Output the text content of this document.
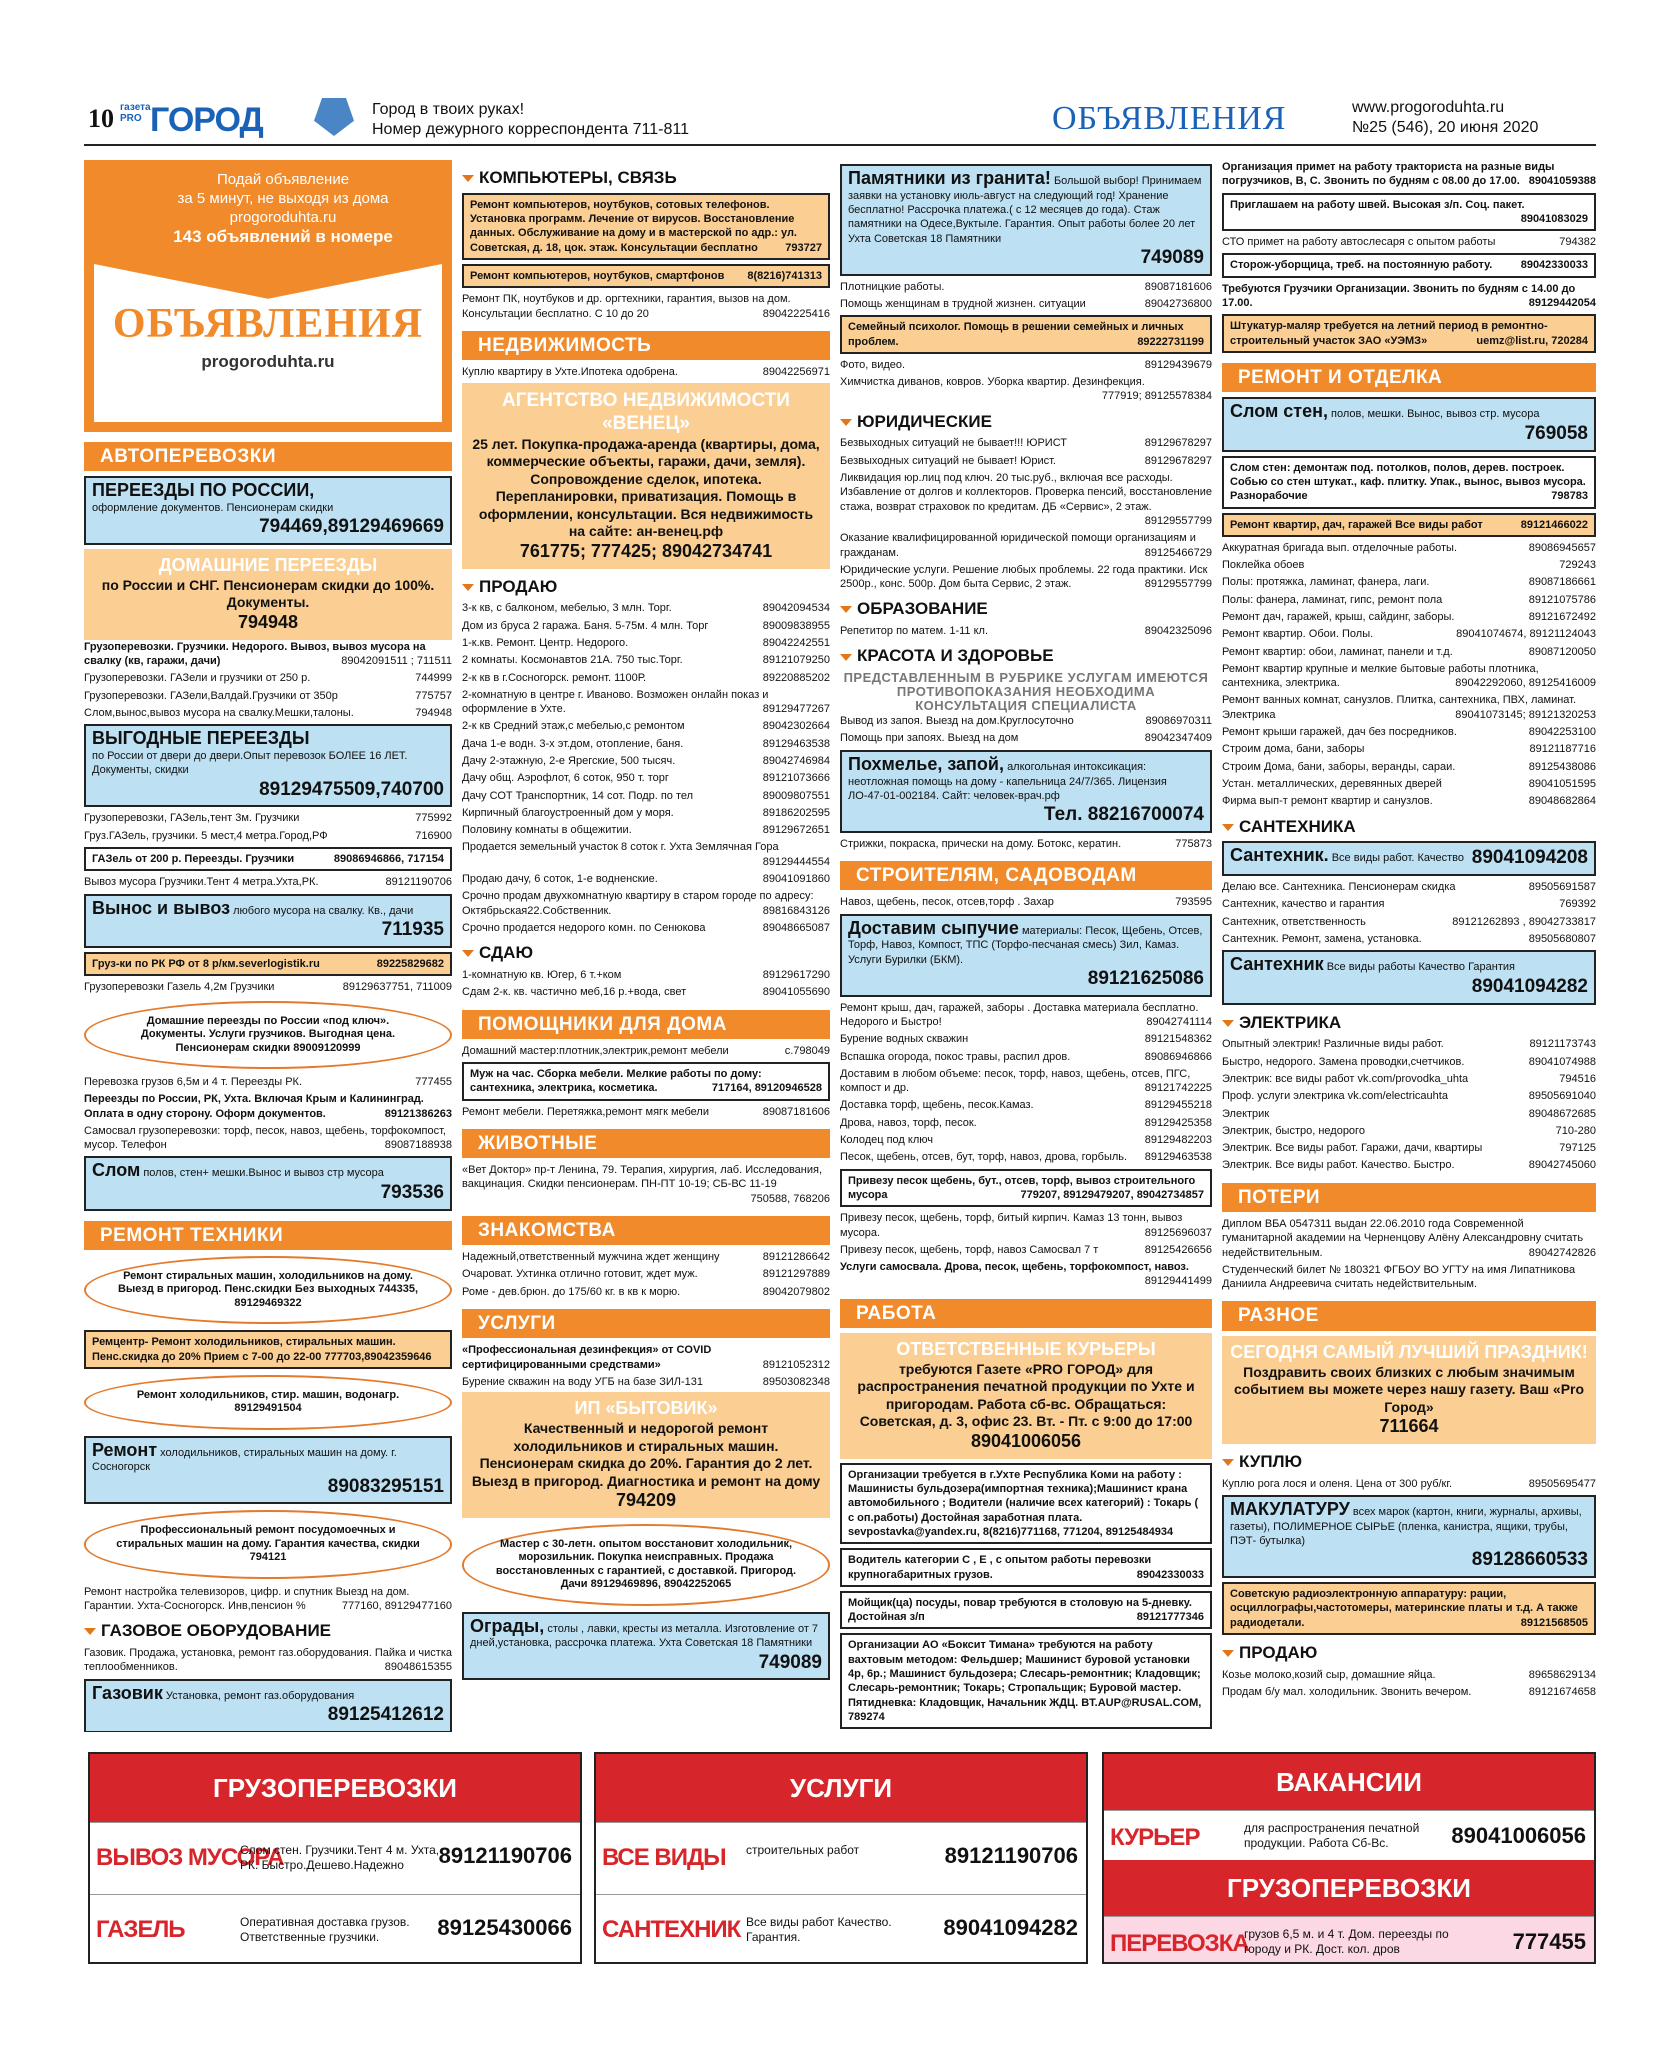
10 газета PRO ГОРОД	Город в твоих руках!
Номер дежурного корреспондента 711-811	ОБЪЯВЛЕНИЯ	www.progoroduhta.ru
№25 (546), 20 июня 2020
Подай объявление
за 5 минут, не выходя из дома
progoroduhta.ru
143 объявлений в номере
ОБЪЯВЛЕНИЯ
progoroduhta.ru
АВТОПЕРЕВОЗКИ
ПЕРЕЕЗДЫ ПО РОССИИ,
оформление документов. Пенсионерам скидки
794469,89129469669
ДОМАШНИЕ ПЕРЕЕЗДЫ
по России и СНГ. Пенсионерам скидки до 100%. Документы.
794948
Грузоперевозки. Грузчики. Недорого. Вывоз, вывоз мусора на свалку (кв, гаражи, дачи)	89042091511 ; 711511
Грузоперевозки. ГАЗели и грузчики от 250 р.	744999
Грузоперевозки. ГАЗели,Валдай.Грузчики от 350р	775757
Слом,вынос,вывоз мусора на свалку.Мешки,талоны.	794948
ВЫГОДНЫЕ ПЕРЕЕЗДЫ
по России от двери до двери.Опыт перевозок БОЛЕЕ 16 ЛЕТ. Документы, скидки
89129475509,740700
Грузоперевозки, ГАЗель,тент 3м. Грузчики	775992
Груз.ГАЗель, грузчики. 5 мест,4 метра.Город,РФ	716900
ГАЗель от 200 р. Переезды. Грузчики	89086946866, 717154
Вывоз мусора Грузчики.Тент 4 метра.Ухта,РК.	89121190706
Вынос и вывоз любого мусора на свалку. Кв., дачи
711935
Груз-ки по РК РФ от 8 р/км.severlogistik.ru	89225829682
Грузоперевозки Газель 4,2м Грузчики	89129637751, 711009
Домашние переезды по России «под ключ». Документы. Услуги грузчиков. Выгодная цена. Пенсионерам скидки 89009120999
Перевозка грузов 6,5м и 4 т. Переезды РК.	777455
Переезды по России, РК, Ухта. Включая Крым и Калининград. Оплата в одну сторону. Оформ документов.	89121386263
Самосвал грузоперевозки: торф, песок, навоз, щебень, торфокомпост, мусор. Телефон	89087188938
Слом полов, стен+ мешки.Вынос и вывоз стр мусора
793536
РЕМОНТ ТЕХНИКИ
Ремонт стиральных машин, холодильников на дому. Выезд в пригород. Пенс.скидки Без выходных 744335, 89129469322
Ремцентр- Ремонт холодильников, стиральных машин. Пенс.скидка до 20% Прием с 7-00 до 22-00 777703,89042359646
Ремонт холодильников, стир. машин, водонагр. 89129491504
Ремонт холодильников, стиральных машин на дому. г. Сосногорск
89083295151
Профессиональный ремонт посудомоечных и стиральных машин на дому. Гарантия качества, скидки 794121
Ремонт настройка телевизоров, цифр. и спутник Выезд на дом. Гарантии. Ухта-Сосногорск. Инв,пенсион %	777160, 89129477160
ГАЗОВОЕ ОБОРУДОВАНИЕ
Газовик. Продажа, установка, ремонт газ.оборудования. Пайка и чистка теплообменников.	89048615355
Газовик Установка, ремонт газ.оборудования
89125412612
КОМПЬЮТЕРЫ, СВЯЗЬ
Ремонт компьютеров, ноутбуков, сотовых телефонов. Установка программ. Лечение от вирусов. Восстановление данных. Обслуживание на дому и в мастерской по адр.: ул. Советская, д. 18, цок. этаж. Консультации бесплатно 793727
Ремонт компьютеров, ноутбуков, смартфонов 8(8216)741313
Ремонт ПК, ноутбуков и др. оргтехники, гарантия, вызов на дом. Консультации бесплатно. С 10 до 20	89042225416
НЕДВИЖИМОСТЬ
Куплю квартиру в Ухте.Ипотека одобрена.	89042256971
АГЕНТСТВО НЕДВИЖИМОСТИ «ВЕНЕЦ»
25 лет. Покупка-продажа-аренда (квартиры, дома, коммерческие объекты, гаражи, дачи, земля). Сопровождение сделок, ипотека. Перепланировки, приватизация. Помощь в оформлении, консультации. Вся недвижимость на сайте: ан-венец.рф
761775; 777425; 89042734741
ПРОДАЮ
3-к кв, с балконом, мебелью, 3 млн. Торг.	89042094534
Дом из бруса 2 гаража. Баня. 5-75м. 4 млн. Торг	89009838955
1-к.кв. Ремонт. Центр. Недорого.	89042242551
2 комнаты. Космонавтов 21А. 750 тыс.Торг.	89121079250
2-к кв в г.Сосногорск. ремонт. 1100Р.	89220885202
2-комнатную в центре г. Иваново. Возможен онлайн показ и оформление в Ухте.	89129477267
2-к кв Средний этаж,с мебелью,с ремонтом	89042302664
Дача 1-е водн. 3-х эт.дом, отопление, баня.	89129463538
Дачу 2-этажную, 2-е Ярегские, 500 тысяч.	89042746984
Дачу общ. Аэрофлот, 6 соток, 950 т. торг	89121073666
Дачу СОТ Транспортник, 14 сот. Подр. по тел	89009807551
Кирпичный благоустроенный дом у моря.	89186202595
Половину комнаты в общежитии.	89129672651
Продается земельный участок 8 соток г. Ухта Землячная Гора
89129444554
Продаю дачу, 6 соток, 1-е водненские.	89041091860
Срочно продам двухкомнатную квартиру в старом городе по адресу: Октябрьская22.Собственник.	89816843126
Срочно продается недорого комн. по Сенюкова	89048665087
СДАЮ
1-комнатную кв. Югер, 6 т.+ком	89129617290
Сдам 2-к. кв. частично меб,16 р.+вода, свет	89041055690
ПОМОЩНИКИ ДЛЯ ДОМА
Домашний мастер:плотник,электрик,ремонт мебели	с.798049
Муж на час. Сборка мебели. Мелкие работы по дому: сантехника, электрика, косметика.	717164, 89120946528
Ремонт мебели. Перетяжка,ремонт мягк мебели	89087181606
ЖИВОТНЫЕ
«Вет Доктор» пр-т Ленина, 79. Терапия, хирургия, лаб. Исследования, вакцинация. Скидки пенсионерам. ПН-ПТ 10-19; СБ-ВС 11-19
750588, 768206
ЗНАКОМСТВА
Надежный,ответственный мужчина ждет женщину	89121286642
Очароват. Ухтинка отлично готовит, ждет муж.	89121297889
Роме - дев.брюн. до 175/60 кг. в кв к морю.	89042079802
УСЛУГИ
«Профессиональная дезинфекция» от COVID сертифицированными средствами»	89121052312
Бурение скважин на воду УГБ на базе ЗИЛ-131	89503082348
ИП «БЫТОВИК»
Качественный и недорогой ремонт холодильников и стиральных машин. Пенсионерам скидка до 20%. Гарантия до 2 лет. Выезд в пригород. Диагностика и ремонт на дому
794209
Мастер с 30-летн. опытом восстановит холодильник, морозильник. Покупка неисправных. Продажа восстановленных с гарантией, с доставкой. Пригород. Дачи 89129469896, 89042252065
Ограды, столы , лавки, кресты из металла. Изготовление от 7 дней,установка, рассрочка платежа. Ухта Советская 18 Памятники
749089
Памятники из гранита! Большой выбор! Принимаем заявки на установку июль-август на следующий год! Хранение бесплатно! Рассрочка платежа.( с 12 месяцев до года). Стаж памятники на Одесе,Вуктыле. Гарантия. Опыт работы более 20 лет Ухта Советская 18 Памятники
749089
Плотницкие работы.	89087181606
Помощь женщинам в трудной жизнен. ситуации	89042736800
Семейный психолог. Помощь в решении семейных и личных проблем.	89222731199
Фото, видео.	89129439679
Химчистка диванов, ковров. Уборка квартир. Дезинфекция.
777919; 89125578384
ЮРИДИЧЕСКИЕ
Безвыходных ситуаций не бывает!!! ЮРИСТ	89129678297
Безвыходных ситуаций не бывает! Юрист.	89129678297
Ликвидация юр.лиц под ключ. 20 тыс.руб., включая все расходы. Избавление от долгов и коллекторов. Проверка пенсий, восстановление стажа, возврат страховок по кредитам. ДБ «Сервис», 2 этаж.
89129557799
Оказание квалифицированной юридической помощи организациям и гражданам.	89125466729
Юридические услуги. Решение любых проблемы. 22 года практики. Иск 2500р., конс. 500р. Дом быта Сервис, 2 этаж.	89129557799
ОБРАЗОВАНИЕ
Репетитор по матем. 1-11 кл.	89042325096
КРАСОТА И ЗДОРОВЬЕ
ПРЕДСТАВЛЕННЫМ В РУБРИКЕ УСЛУГАМ ИМЕЮТСЯ ПРОТИВОПОКАЗАНИЯ НЕОБХОДИМА КОНСУЛЬТАЦИЯ СПЕЦИАЛИСТА
Вывод из запоя. Выезд на дом.Круглосуточно	89086970311
Помощь при запоях. Выезд на дом	89042347409
Похмелье, запой, алкогольная интоксикация: неотложная помощь на дому - капельница 24/7/365. Лицензия ЛО-47-01-002184. Сайт: человек-врач.рф
Тел. 88216700074
Стрижки, покраска, прически на дому. Ботокс, кератин.	775873
СТРОИТЕЛЯМ, САДОВОДАМ
Навоз, щебень, песок, отсев,торф . Захар	793595
Доставим сыпучие материалы: Песок, Щебень, Отсев, Торф, Навоз, Компост, ТПС (Торфо-песчаная смесь) Зил, Камаз. Услуги Бурилки (БКМ).
89121625086
Ремонт крыш, дач, гаражей, заборы . Доставка материала бесплатно. Недорого и Быстро!	89042741114
Бурение водных скважин	89121548362
Вспашка огорода, покос травы, распил дров.	89086946866
Доставим в любом объеме: песок, торф, навоз, щебень, отсев, ПГС, компост и др.	89121742225
Доставка торф, щебень, песок.Камаз.	89129455218
Дрова, навоз, торф, песок.	89129425358
Колодец под ключ	89129482203
Песок, щебень, отсев, бут, торф, навоз, дрова, горбыль. 89129463538
Привезу песок щебень, бут., отсев, торф, вывоз строительного мусора	779207, 89129479207, 89042734857
Привезу песок, щебень, торф, битый кирпич. Камаз 13 тонн, вывоз мусора.	89125696037
Привезу песок, щебень, торф, навоз Самосвал 7 т	89125426656
Услуги самосвала. Дрова, песок, щебень, торфокомпост, навоз.
89129441499
РАБОТА
ОТВЕТСТВЕННЫЕ КУРЬЕРЫ
требуются Газете «PRO ГОРОД» для распространения печатной продукции по Ухте и пригородам. Работа сб-вс. Обращаться: Советская, д. 3, офис 23. Вт. - Пт. с 9:00 до 17:00
89041006056
Организации требуется в г.Ухте Республика Коми на работу : Машинисты бульдозера(импортная техника);Машинист крана автомобильного ; Водители (наличие всех категорий) : Токарь ( с оп.работы) Достойная заработная плата. sevpostavka@yandex.ru, 8(8216)771168, 771204, 89125484934
Водитель категории С , Е , с опытом работы перевозки крупногабаритных грузов.	89042330033
Мойщик(ца) посуды, повар требуются в столовую на 5-дневку. Достойная з/п	89121777346
Организации АО «Боксит Тимана» требуются на работу вахтовым методом: Фельдшер; Машинист буровой установки 4р, 6р.; Машинист бульдозера; Слесарь-ремонтник; Кладовщик; Слесарь-ремонтник; Токарь; Стропальщик; Буровой мастер. Пятидневка: Кладовщик, Начальник ЖДЦ. BT.AUP@RUSAL.COM, 789274
Организация примет на работу тракториста на разные виды погрузчиков, В, С. Звонить по будням с 08.00 до 17.00. 89041059388
Приглашаем на работу швей. Высокая з/п. Соц. пакет.
89041083029
СТО примет на работу автослесаря с опытом работы	794382
Сторож-уборщица, треб. на постоянную работу.	89042330033
Требуются Грузчики Организации. Звонить по будням с 14.00 до 17.00.	89129442054
Штукатур-маляр требуется на летний период в ремонтно-строительный участок ЗАО «УЭМЗ»	uemz@list.ru, 720284
РЕМОНТ И ОТДЕЛКА
Слом стен, полов, мешки. Вынос, вывоз стр. мусора
769058
Слом стен: демонтаж под. потолков, полов, дерев. построек. Собью со стен штукат., каф. плитку. Упак., вынос, вывоз мусора. Разнорабочие	798783
Ремонт квартир, дач, гаражей Все виды работ	89121466022
Аккуратная бригада вып. отделочные работы.	89086945657
Поклейка обоев	729243
Полы: протяжка, ламинат, фанера, лаги.	89087186661
Полы: фанера, ламинат, гипс, ремонт пола	89121075786
Ремонт дач, гаражей, крыш, сайдинг, заборы.	89121672492
Ремонт квартир. Обои. Полы.	89041074674, 89121124043
Ремонт квартир: обои, ламинат, панели и т.д.	89087120050
Ремонт квартир крупные и мелкие бытовые работы плотника, сантехника, электрика.	89042292060, 89125416009
Ремонт ванных комнат, санузлов. Плитка, сантехника, ПВХ, ламинат. Электрика	89041073145; 89121320253
Ремонт крыши гаражей, дач без посредников.	89042253100
Строим дома, бани, заборы	89121187716
Строим Дома, бани, заборы, веранды, сараи.	89125438086
Устан. металлических, деревянных дверей	89041051595
Фирма вып-т ремонт квартир и санузлов.	89048682864
САНТЕХНИКА
Сантехник. Все виды работ. Качество 89041094208
Делаю все. Сантехника. Пенсионерам скидка	89505691587
Сантехник, качество и гарантия	769392
Сантехник, ответственность	89121262893 , 89042733817
Сантехник. Ремонт, замена, установка.	89505680807
Сантехник Все виды работы Качество Гарантия
89041094282
ЭЛЕКТРИКА
Опытный электрик! Различные виды работ.	89121173743
Быстро, недорого. Замена проводки,счетчиков.	89041074988
Электрик: все виды работ vk.com/provodka_uhta	794516
Проф. услуги электрика vk.com/electricauhta	89505691040
Электрик	89048672685
Электрик, быстро, недорого	710-280
Электрик. Все виды работ. Гаражи, дачи, квартиры	797125
Электрик. Все виды работ. Качество. Быстро.	89042745060
ПОТЕРИ
Диплом ВБА 0547311 выдан 22.06.2010 года Современной гуманитарной академии на Черненцову Алёну Александровну считать недействительным.	89042742826
Студенческий билет № 180321 ФГБОУ ВО УГТУ на имя Липатникова Даниила Андреевича считать недействительным.
РАЗНОЕ
СЕГОДНЯ САМЫЙ ЛУЧШИЙ ПРАЗДНИК!
Поздравить своих близких с любым значимым событием вы можете через нашу газету. Ваш «Pro Город»
711664
КУПЛЮ
Куплю рога лося и оленя. Цена от 300 руб/кг.	89505695477
МАКУЛАТУРУ всех марок (картон, книги, журналы, архивы, газеты), ПОЛИМЕРНОЕ СЫРЬЕ (пленка, канистра, ящики, трубы, ПЭТ- бутылка)
89128660533
Советскую радиоэлектронную аппаратуру: рации, осциллографы,частотомеры, материнские платы и т.д. А также радиодетали.	89121568505
ПРОДАЮ
Козье молоко,козий сыр, домашние яйца.	89658629134
Продам б/у мал. холодильник. Звонить вечером.	89121674658
ГРУЗОПЕРЕВОЗКИ
ВЫВОЗ МУСОРА
Слом стен. Грузчики.Тент 4 м. Ухта, РК. Быстро.Дешево.Надежно	89121190706
ГАЗЕЛЬ	Оперативная доставка грузов. Ответственные грузчики.	89125430066
УСЛУГИ
ВСЕ ВИДЫ строительных работ	89121190706
САНТЕХНИК Все виды работ Качество. Гарантия.	89041094282
ВАКАНСИИ
КУРЬЕР	для распространения печатной продукции. Работа Сб-Вс.	89041006056
ГРУЗОПЕРЕВОЗКИ
ПЕРЕВОЗКА
грузов 6,5 м. и 4 т. Дом. переезды по городу и РК. Дост. кол. дров	777455
